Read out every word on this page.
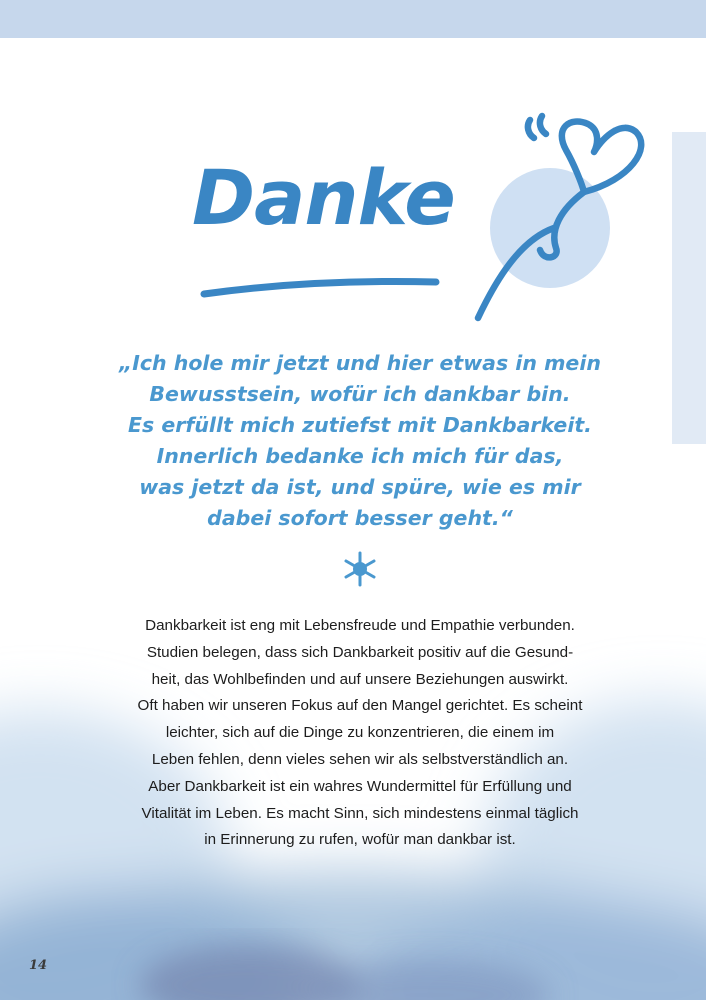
Danke

„Ich hole mir jetzt und hier etwas in mein
Bewusstsein, wofür ich dankbar bin.
Es erfüllt mich zutiefst mit Dankbarkeit.
Innerlich bedanke ich mich für das,
was jetzt da ist, und spüre, wie es mir
dabei sofort besser geht.“

Dankbarkeit ist eng mit Lebensfreude und Empathie verbunden.
Studien belegen, dass sich Dankbarkeit positiv auf die Gesund-
heit, das Wohlbefinden und auf unsere Beziehungen auswirkt.
Oft haben wir unseren Fokus auf den Mangel gerichtet. Es scheint
leichter, sich auf die Dinge zu konzentrieren, die einem im
Leben fehlen, denn vieles sehen wir als selbstverständlich an.
Aber Dankbarkeit ist ein wahres Wundermittel für Erfüllung und
Vitalität im Leben. Es macht Sinn, sich mindestens einmal täglich
in Erinnerung zu rufen, wofür man dankbar ist.

14
